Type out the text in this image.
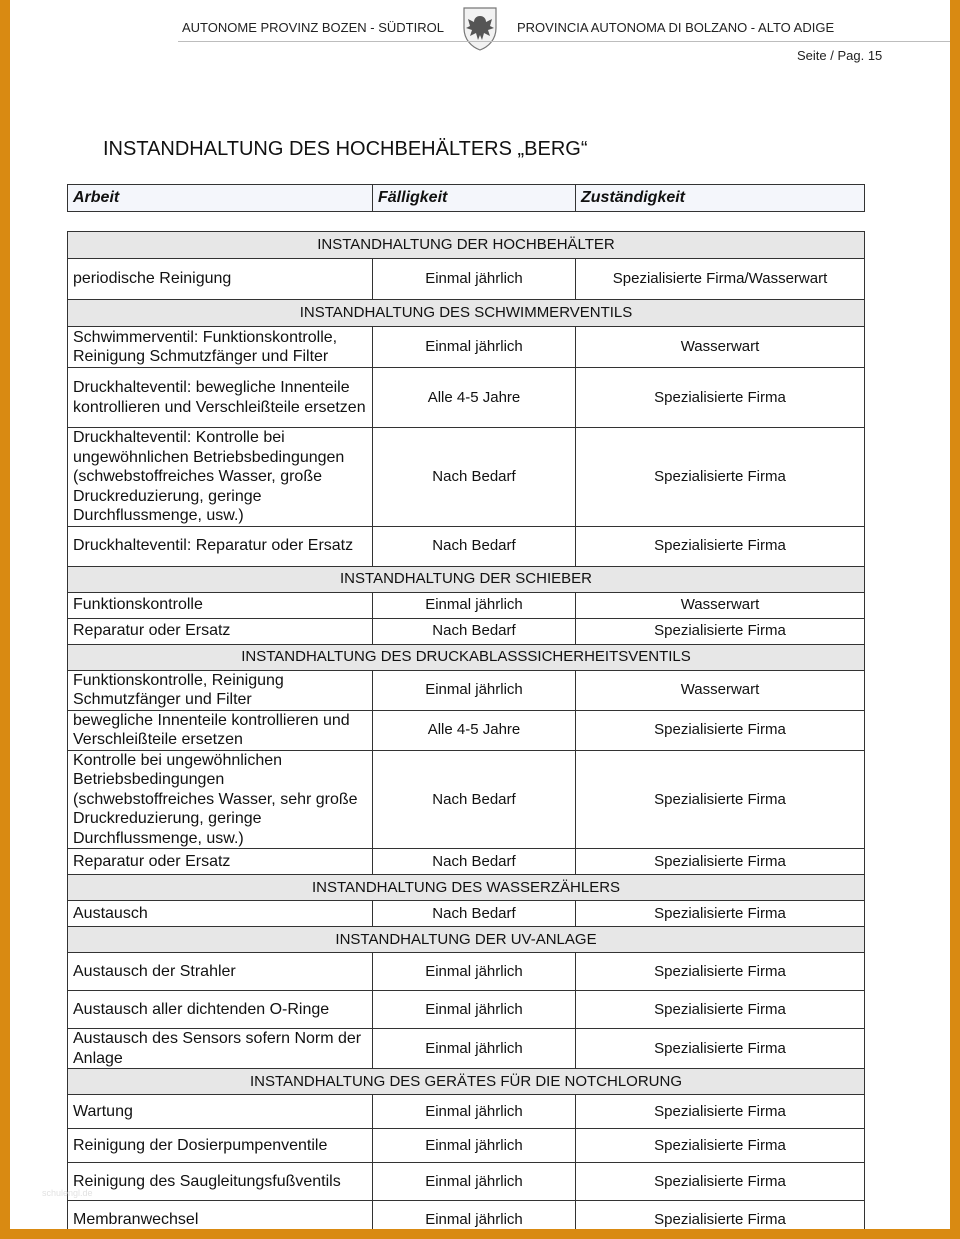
AUTONOME PROVINZ BOZEN - SÜDTIROL	PROVINCIA AUTONOMA DI BOLZANO - ALTO ADIGE
Seite / Pag. 15
INSTANDHALTUNG DES HOCHBEHÄLTERS „BERG“
Arbeit	Fälligkeit	Zuständigkeit
INSTANDHALTUNG DER HOCHBEHÄLTER		
periodische Reinigung	Einmal jährlich	Spezialisierte Firma/Wasserwart
INSTANDHALTUNG DES SCHWIMMERVENTILS		
Schwimmerventil: Funktionskontrolle, Reinigung Schmutzfänger und Filter	Einmal jährlich	Wasserwart
Druckhalteventil: bewegliche Innenteile kontrollieren und Verschleißteile ersetzen	Alle 4-5 Jahre	Spezialisierte Firma
Druckhalteventil: Kontrolle bei ungewöhnlichen Betriebsbedingungen (schwebstoffreiches Wasser, große Druckreduzierung, geringe Durchflussmenge, usw.)	Nach Bedarf	Spezialisierte Firma
Druckhalteventil: Reparatur oder Ersatz	Nach Bedarf	Spezialisierte Firma
INSTANDHALTUNG DER SCHIEBER		
Funktionskontrolle	Einmal jährlich	Wasserwart
Reparatur oder Ersatz	Nach Bedarf	Spezialisierte Firma
INSTANDHALTUNG DES DRUCKABLASSSICHERHEITSVENTILS		
Funktionskontrolle, Reinigung Schmutzfänger und Filter	Einmal jährlich	Wasserwart
bewegliche Innenteile kontrollieren und Verschleißteile ersetzen	Alle 4-5 Jahre	Spezialisierte Firma
Kontrolle bei ungewöhnlichen Betriebsbedingungen (schwebstoffreiches Wasser, sehr große Druckreduzierung, geringe Durchflussmenge, usw.)	Nach Bedarf	Spezialisierte Firma
Reparatur oder Ersatz	Nach Bedarf	Spezialisierte Firma
INSTANDHALTUNG DES WASSERZÄHLERS		
Austausch	Nach Bedarf	Spezialisierte Firma
INSTANDHALTUNG DER UV-ANLAGE		
Austausch der Strahler	Einmal jährlich	Spezialisierte Firma
Austausch aller dichtenden O-Ringe	Einmal jährlich	Spezialisierte Firma
Austausch des Sensors sofern Norm der Anlage	Einmal jährlich	Spezialisierte Firma
INSTANDHALTUNG DES GERÄTES FÜR DIE NOTCHLORUNG		
Wartung	Einmal jährlich	Spezialisierte Firma
Reinigung der Dosierpumpenventile	Einmal jährlich	Spezialisierte Firma
Reinigung des Saugleitungsfußventils	Einmal jährlich	Spezialisierte Firma
Membranwechsel	Einmal jährlich	Spezialisierte Firma
schulengl.de
